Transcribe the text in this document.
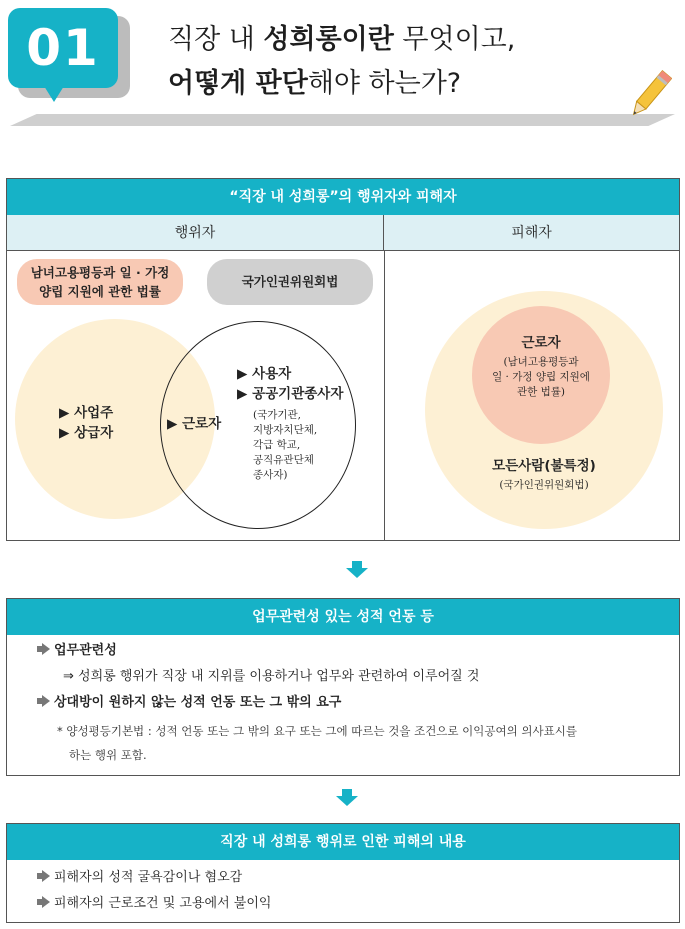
01	직장 내 성희롱이란 무엇이고,
어떻게 판단해야 하는가?
“직장 내 성희롱”의 행위자와 피해자
행위자	피해자
남녀고용평등과 일 · 가정
양립 지원에 관한 법률
국가인권위원회법
▶ 사업주
▶ 상급자
▶ 근로자
▶ 사용자
▶ 공공기관종사자
(국가기관,
지방자치단체,
각급 학교,
공직유관단체
종사자)
근로자
(남녀고용평등과
일 · 가정 양립 지원에
관한 법률)
모든사람(불특정)
(국가인권위원회법)
업무관련성 있는 성적 언동 등
업무관련성
⇒ 성희롱 행위가 직장 내 지위를 이용하거나 업무와 관련하여 이루어질 것
상대방이 원하지 않는 성적 언동 또는 그 밖의 요구
* 양성평등기본법 : 성적 언동 또는 그 밖의 요구 또는 그에 따르는 것을 조건으로 이익공여의 의사표시를
하는 행위 포함.
직장 내 성희롱 행위로 인한 피해의 내용
피해자의 성적 굴욕감이나 혐오감
피해자의 근로조건 및 고용에서 불이익
